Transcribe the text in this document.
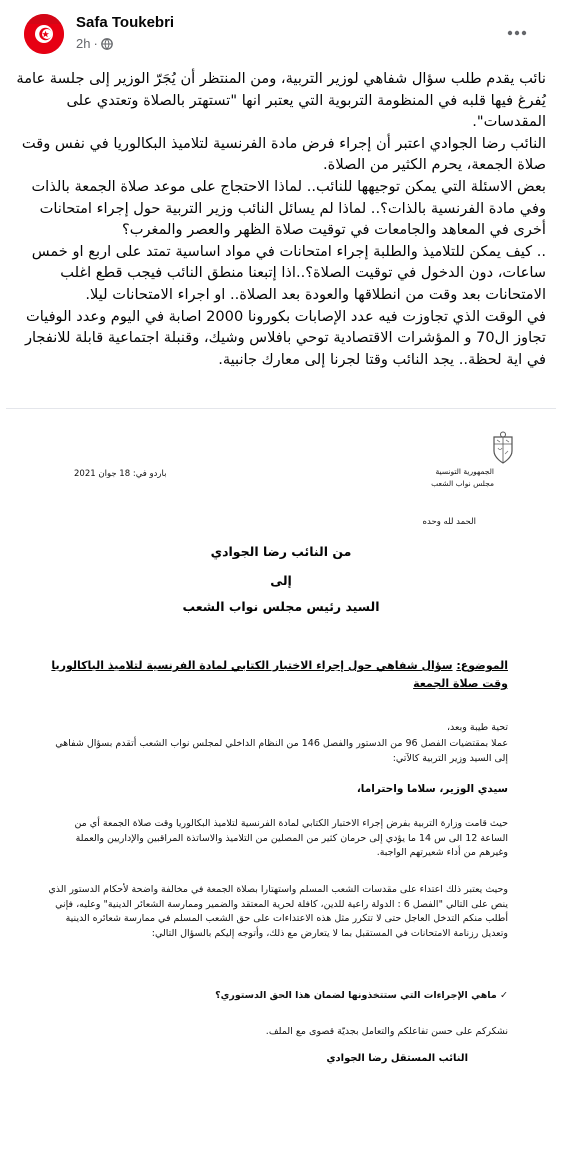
Safa Toukebri
2h ·

نائب يقدم طلب سؤال شفاهي لوزير التربية، ومن المنتظر أن يُجَرّ الوزير إلى جلسة عامة يُفرغ فيها قلبه في المنظومة التربوية التي يعتبر انها "تستهتر بالصلاة وتعتدي على المقدسات".

النائب رضا الجوادي اعتبر أن إجراء فرض مادة الفرنسية لتلاميذ البكالوريا في نفس وقت صلاة الجمعة، يحرم الكثير من الصلاة.

بعض الاسئلة التي يمكن توجيهها للنائب.. لماذا الاحتجاج على موعد صلاة الجمعة بالذات وفي مادة الفرنسية بالذات؟.. لماذا لم يسائل النائب وزير التربية حول إجراء امتحانات أخرى في المعاهد والجامعات في توقيت صلاة الظهر والعصر والمغرب؟

.. كيف يمكن للتلاميذ والطلبة إجراء امتحانات في مواد اساسية تمتد على اربع او خمس ساعات، دون الدخول في توقيت الصلاة؟..اذا إتبعنا منطق النائب فيجب قطع اغلب الامتحانات بعد وقت من انطلاقها والعودة بعد الصلاة.. او اجراء الامتحانات ليلا.

في الوقت الذي تجاوزت فيه عدد الإصابات بكورونا 2000 اصابة في اليوم وعدد الوفيات تجاوز ال70 و المؤشرات الاقتصادية توحي بافلاس وشيك، وقنبلة اجتماعية قابلة للانفجار في اية لحظة.. يجد النائب وقتا لجرنا إلى معارك جانبية.

الجمهورية التونسية
مجلس نواب الشعب
باردو في: 18 جوان 2021
الحمد لله وحده
من النائب رضا الجوادي
إلى
السيد رئيس مجلس نواب الشعب
الموضوع: سؤال شفاهي حول إجراء الاختبار الكتابي لمادة الفرنسية لتلاميذ الباكالوريا وقت صلاة الجمعة
تحية طيبة وبعد،
عملا بمقتضيات الفصل 96 من الدستور والفصل 146 من النظام الداخلي لمجلس نواب الشعب أتقدم بسؤال شفاهي إلى السيد وزير التربية كالآتي:
سيدي الوزير، سلاما واحتراما،
حيث قامت وزارة التربية بفرض إجراء الاختبار الكتابي لمادة الفرنسية لتلاميذ البكالوريا وقت صلاة الجمعة أي من الساعة 12 الى س 14 ما يؤدي إلى حرمان كثير من المصلين من التلاميذ والاساتذة المراقبين والإداريين والعملة وغيرهم من أداء شعيرتهم الواجبة.
وحيث يعتبر ذلك اعتداء على مقدسات الشعب المسلم واستهتارا بصلاة الجمعة في مخالفة واضحة لأحكام الدستور الذي ينص على التالي "الفصل 6 : الدولة راعية للدين، كافلة لحرية المعتقد والضمير وممارسة الشعائر الدينية" وعليه، فإني أطلب منكم التدخل العاجل حتى لا تتكرر مثل هذه الاعتداءات على حق الشعب المسلم في ممارسة شعائره الدينية وتعديل رزنامة الامتحانات في المستقبل بما لا يتعارض مع ذلك، وأتوجه إليكم بالسؤال التالي:
✓ ماهي الإجراءات التي ستتخذونها لضمان هذا الحق الدستوري؟
نشكركم على حسن تفاعلكم والتعامل بجديّة قصوى مع الملف.
النائب المستقل رضا الجوادي
